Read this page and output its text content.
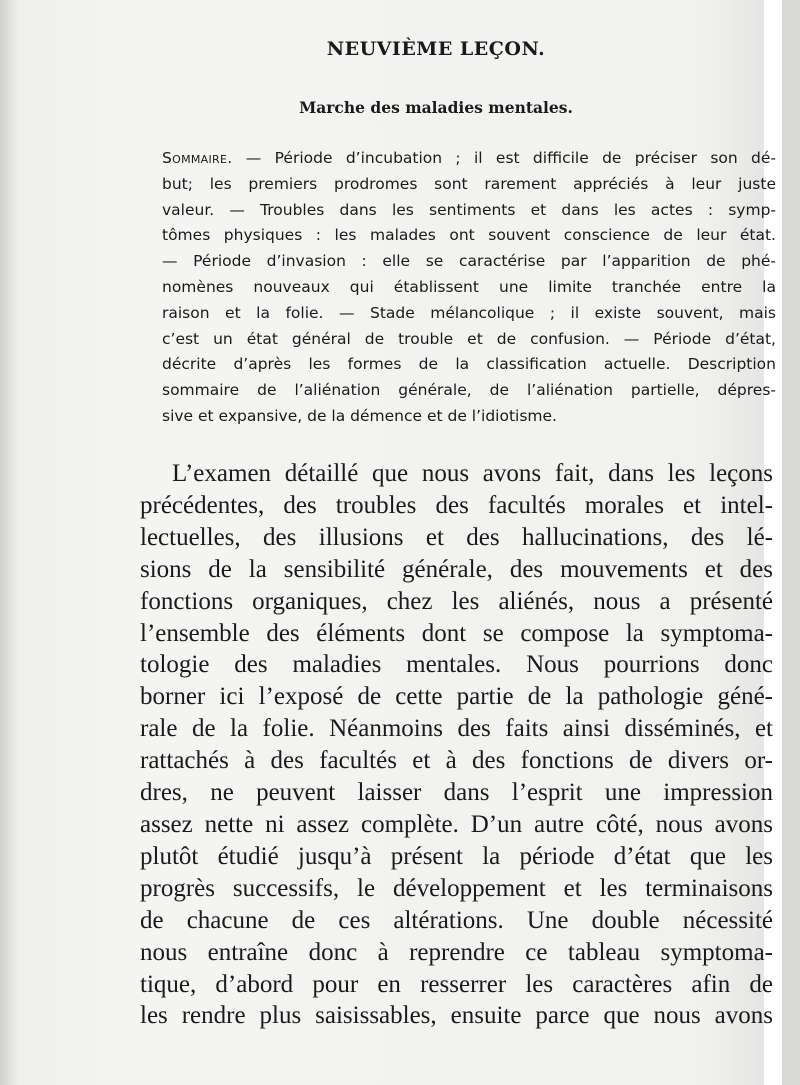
NEUVIÈME LEÇON.
Marche des maladies mentales.
Sommaire. — Période d’incubation ; il est difficile de préciser son dé-
but; les premiers prodromes sont rarement appréciés à leur juste
valeur. — Troubles dans les sentiments et dans les actes : symp-
tômes physiques : les malades ont souvent conscience de leur état.
— Période d’invasion : elle se caractérise par l’apparition de phé-
nomènes nouveaux qui établissent une limite tranchée entre la
raison et la folie. — Stade mélancolique ; il existe souvent, mais
c’est un état général de trouble et de confusion. — Période d’état,
décrite d’après les formes de la classification actuelle. Description
sommaire de l’aliénation générale, de l’aliénation partielle, dépres-
sive et expansive, de la démence et de l’idiotisme.
L’examen détaillé que nous avons fait, dans les leçons
précédentes, des troubles des facultés morales et intel-
lectuelles, des illusions et des hallucinations, des lé-
sions de la sensibilité générale, des mouvements et des
fonctions organiques, chez les aliénés, nous a présenté
l’ensemble des éléments dont se compose la symptoma-
tologie des maladies mentales. Nous pourrions donc
borner ici l’exposé de cette partie de la pathologie géné-
rale de la folie. Néanmoins des faits ainsi disséminés, et
rattachés à des facultés et à des fonctions de divers or-
dres, ne peuvent laisser dans l’esprit une impression
assez nette ni assez complète. D’un autre côté, nous avons
plutôt étudié jusqu’à présent la période d’état que les
progrès successifs, le développement et les terminaisons
de chacune de ces altérations. Une double nécessité
nous entraîne donc à reprendre ce tableau symptoma-
tique, d’abord pour en resserrer les caractères afin de
les rendre plus saisissables, ensuite parce que nous avons
